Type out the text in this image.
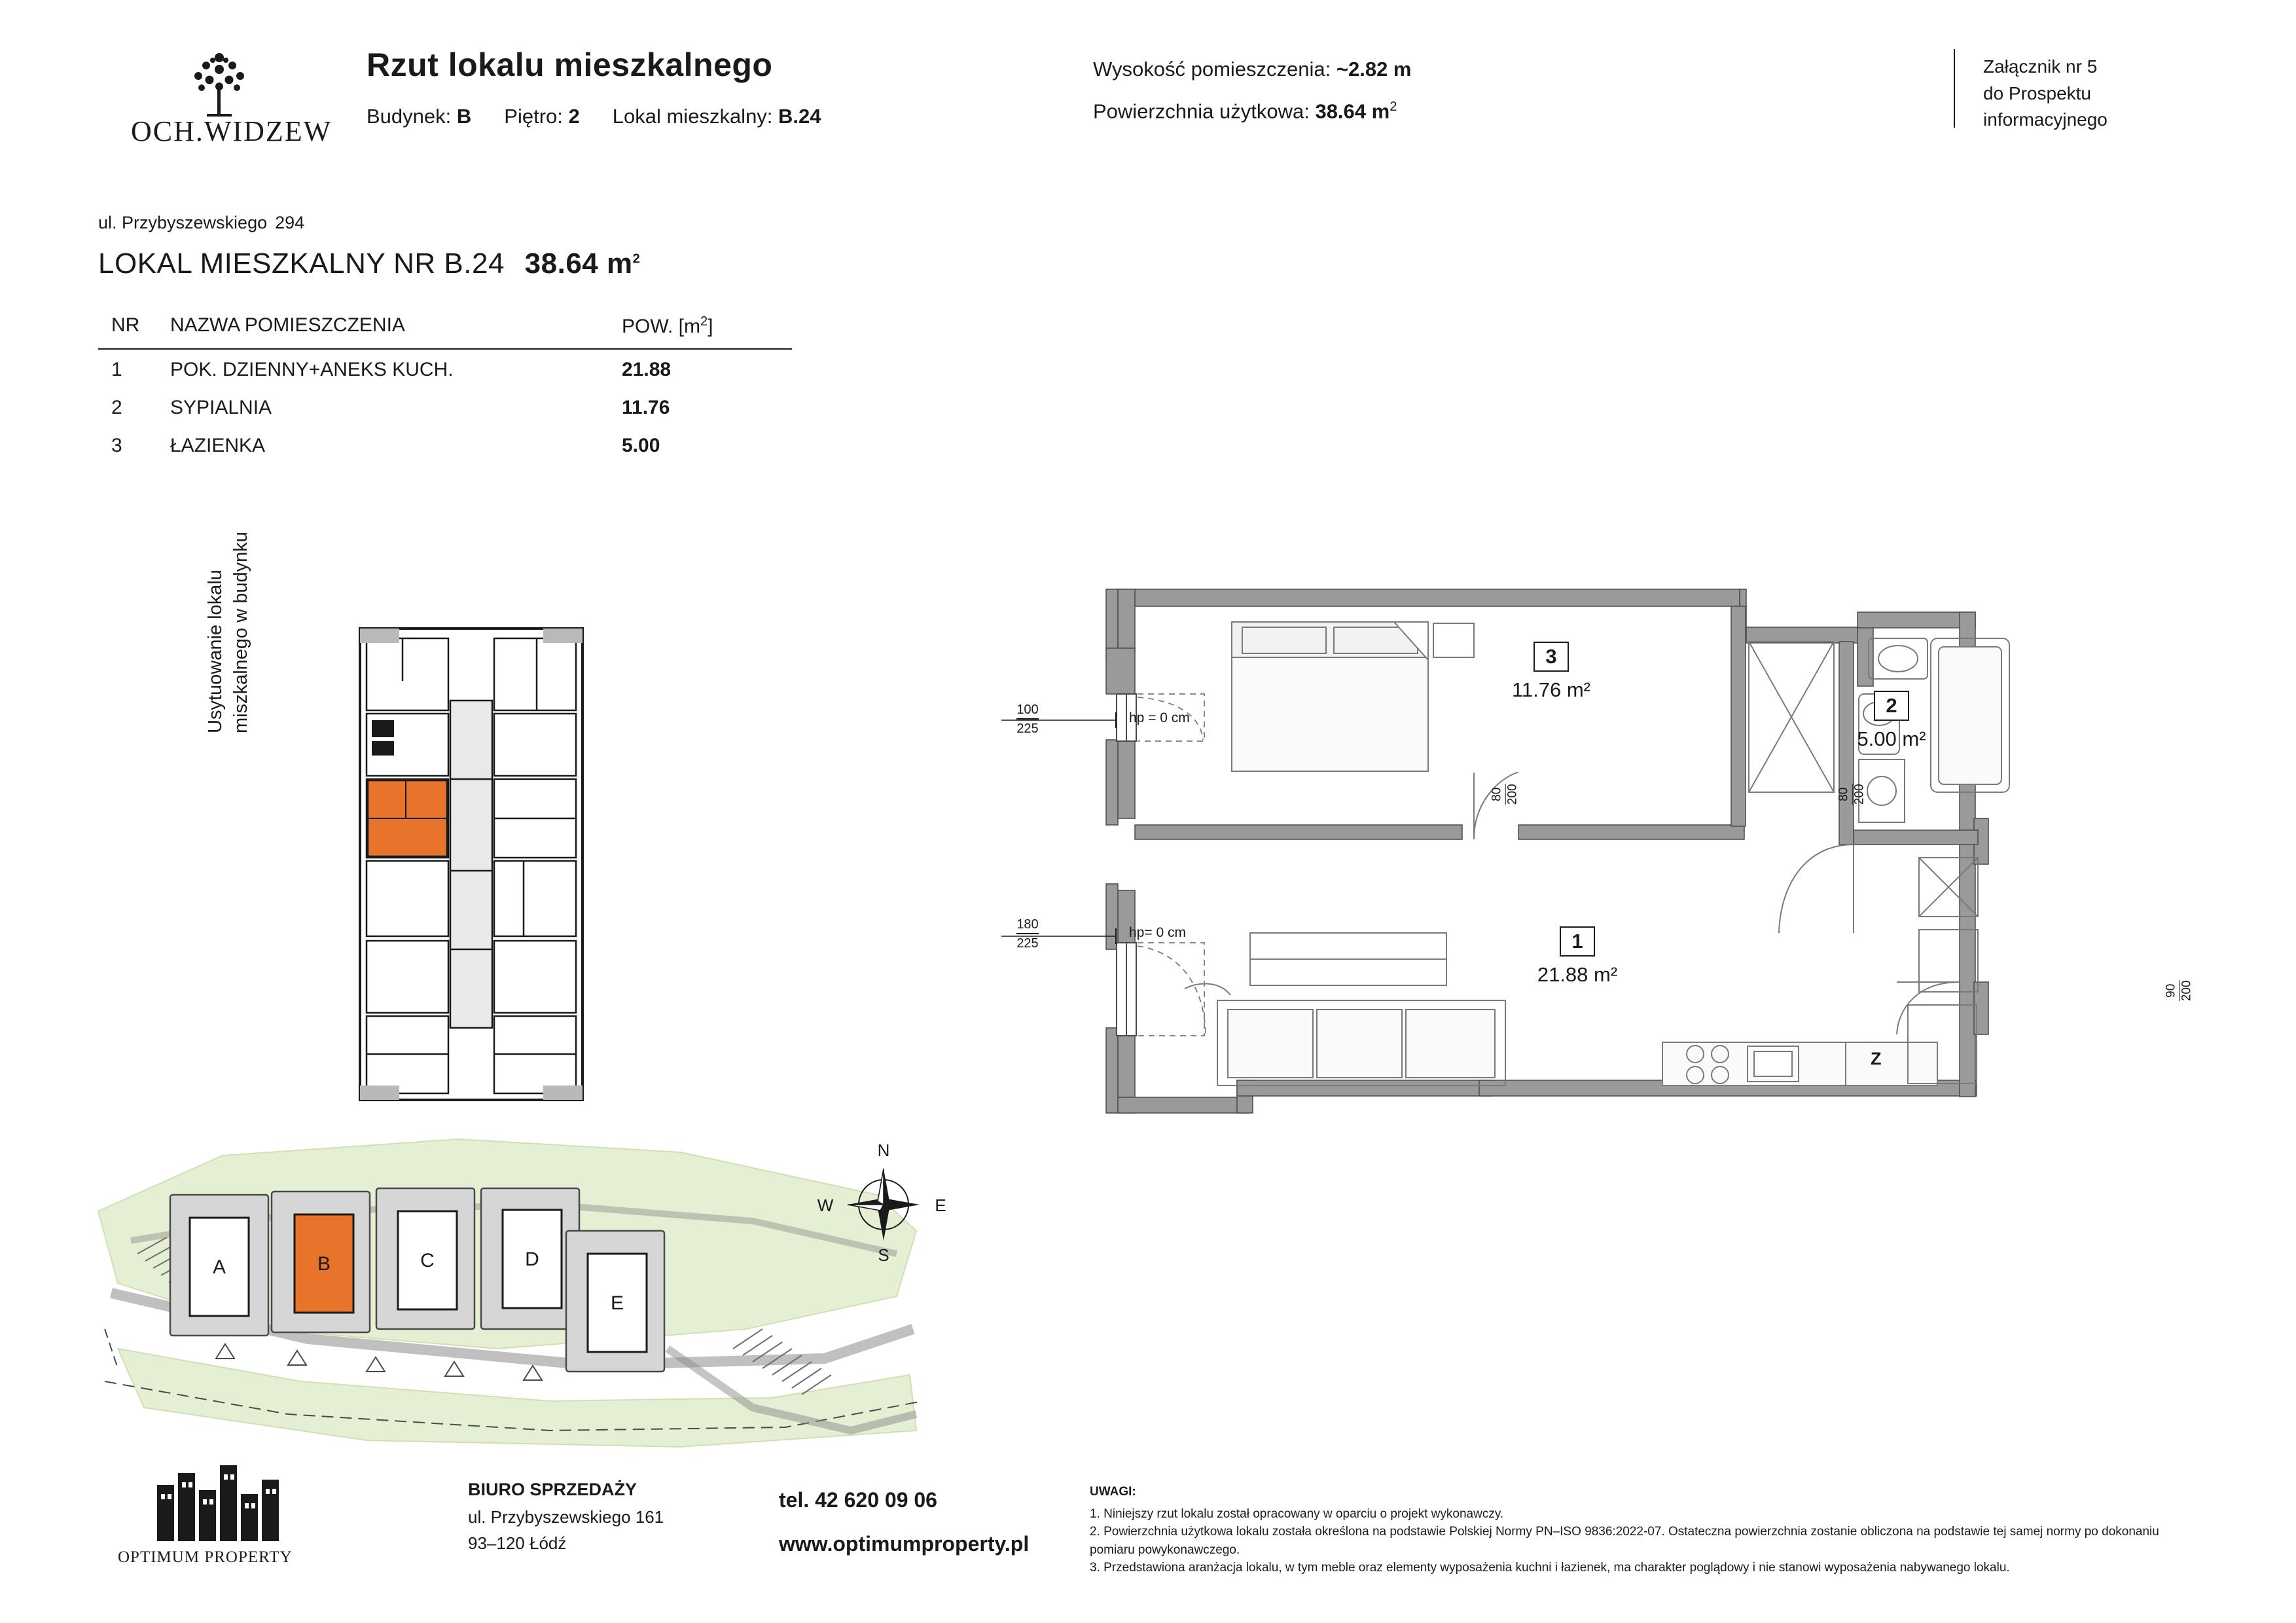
OCH.WIDZEW
Rzut lokalu mieszkalnego
Budynek: B Piętro: 2 Lokal mieszkalny: B.24
Wysokość pomieszczenia: ~2.82 m
Powierzchnia użytkowa: 38.64 $m^2$
Załącznik nr 5
do Prospektu
informacyjnego
ul. Przybyszewskiego 294
LOKAL MIESZKALNY NR B.24 38.64 $m^2$
NR	NAZWA POMIESZCZENIA	POW. $[m^2]$
1	POK. DZIENNY+ANEKS KUCH.	21.88
2	SYPIALNIA	11.76
3	ŁAZIENKA	5.00
Usytuowanie lokalu
miszkalnego w budynku
A	B	C	D
E
N
S
W	E
3
11.76 m²
2
5.00 m²
1
21.88 m²
Z
100
225
hp = 0 cm
180
225
hp= 0 cm
80 200	80 200
90 200
OPTIMUM PROPERTY
BIURO SPRZEDAŻY
ul. Przybyszewskiego 161
93–120 Łódź
tel. 42 620 09 06
www.optimumproperty.pl
UWAGI:
1. Niniejszy rzut lokalu został opracowany w oparciu o projekt wykonawczy.
2. Powierzchnia użytkowa lokalu została określona na podstawie Polskiej Normy PN–ISO 9836:2022-07. Ostateczna powierzchnia zostanie obliczona na podstawie tej samej normy po dokonaniu pomiaru powykonawczego.
3. Przedstawiona aranżacja lokalu, w tym meble oraz elementy wyposażenia kuchni i łazienek, ma charakter poglądowy i nie stanowi wyposażenia nabywanego lokalu.
